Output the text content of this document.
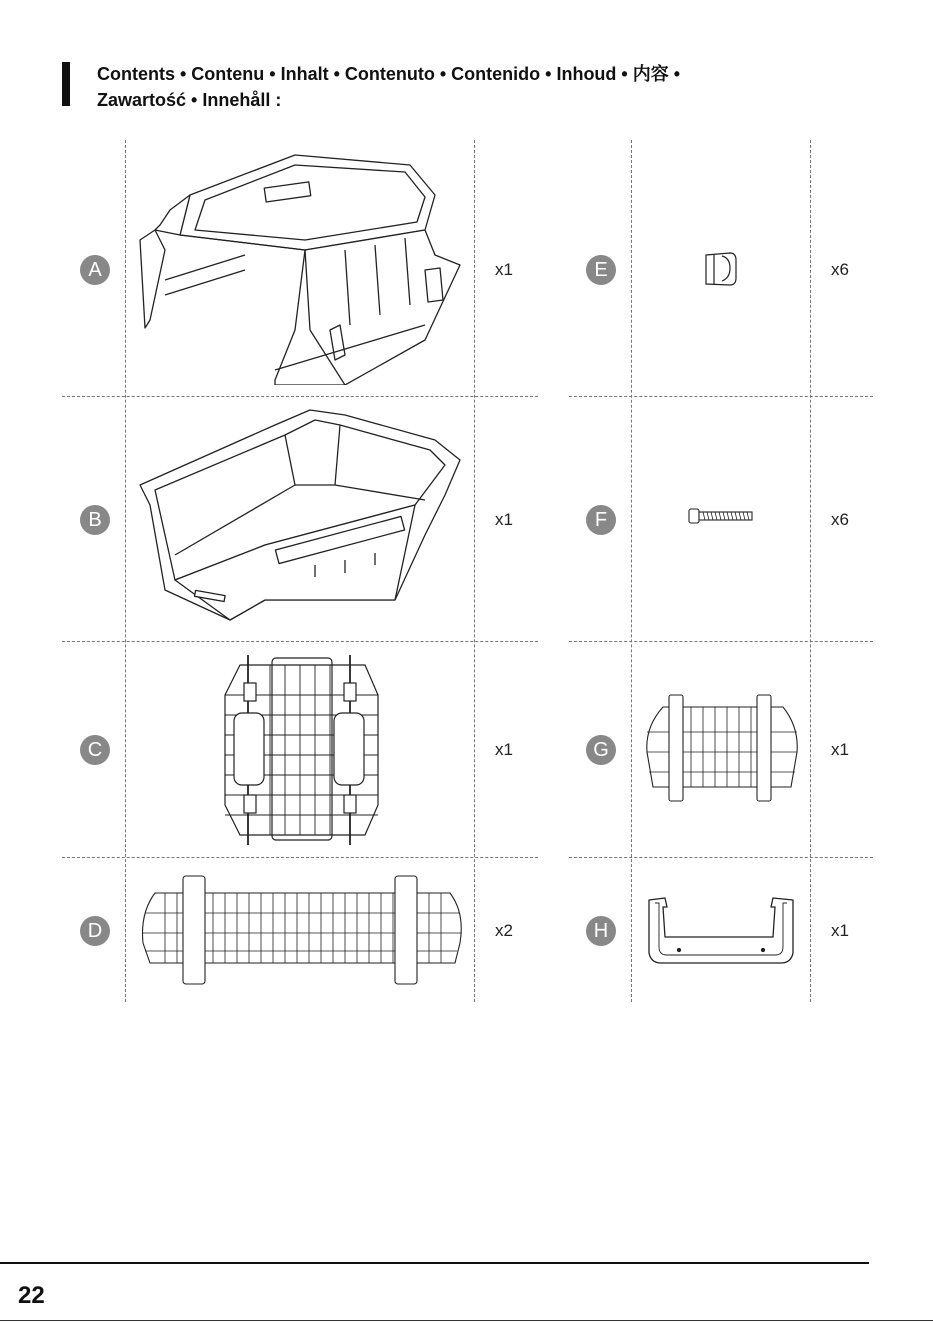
Contents • Contenu • Inhalt • Contenuto • Contenido • Inhoud • 内容 •
Zawartość • Innehåll :
A	x1
B	x1
C	x1
D	x2
E	x6
F	x6
G	x1
H	x1
22
